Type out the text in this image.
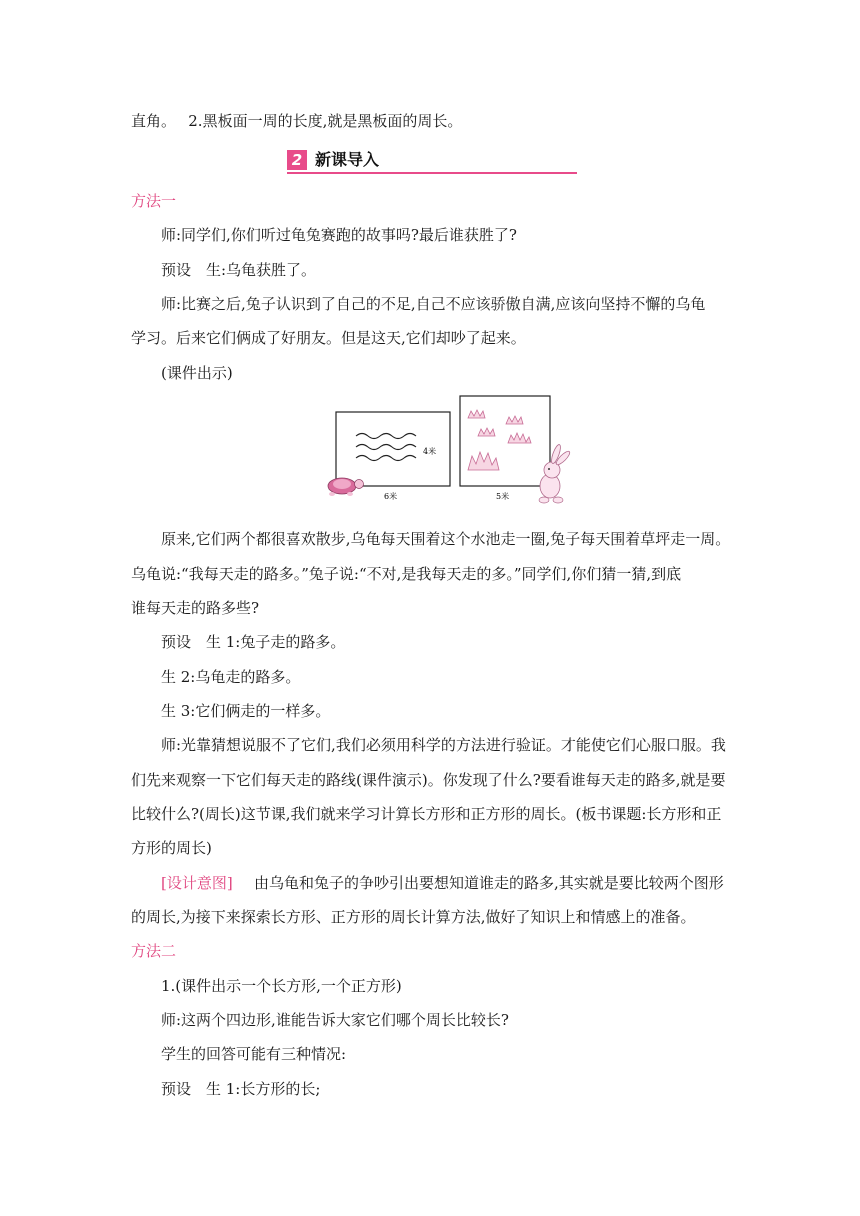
直角。　 2.黑板面一周的长度,就是黑板面的周长。
2 新课导入
方法一
师:同学们,你们听过龟兔赛跑的故事吗?最后谁获胜了?
预设　生:乌龟获胜了。
师:比赛之后,兔子认识到了自己的不足,自己不应该骄傲自满,应该向坚持不懈的乌龟
学习。后来它们俩成了好朋友。但是这天,它们却吵了起来。
(课件出示)
4米
6米	5米
原来,它们两个都很喜欢散步,乌龟每天围着这个水池走一圈,兔子每天围着草坪走一周。
乌龟说:“我每天走的路多。”兔子说:“不对,是我每天走的多。”同学们,你们猜一猜,到底
谁每天走的路多些?
预设　生 1:兔子走的路多。
生 2:乌龟走的路多。
生 3:它们俩走的一样多。
师:光靠猜想说服不了它们,我们必须用科学的方法进行验证。才能使它们心服口服。我
们先来观察一下它们每天走的路线(课件演示)。你发现了什么?要看谁每天走的路多,就是要
比较什么?(周长)这节课,我们就来学习计算长方形和正方形的周长。(板书课题:长方形和正
方形的周长)
[设计意图] 由乌龟和兔子的争吵引出要想知道谁走的路多,其实就是要比较两个图形
的周长,为接下来探索长方形、正方形的周长计算方法,做好了知识上和情感上的准备。
方法二
1.(课件出示一个长方形,一个正方形)
师:这两个四边形,谁能告诉大家它们哪个周长比较长?
学生的回答可能有三种情况:
预设　生 1:长方形的长;
